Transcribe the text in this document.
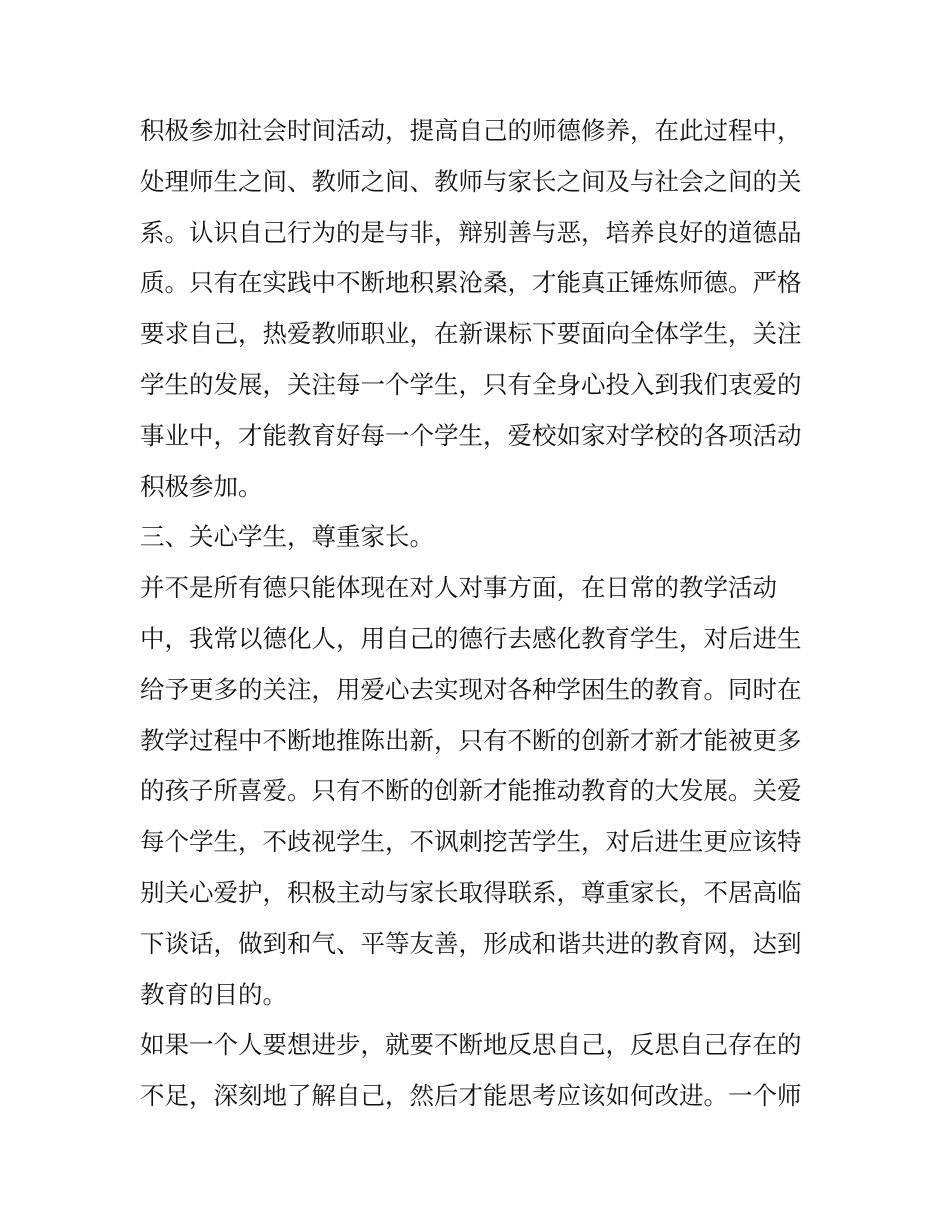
积极参加社会时间活动，提高自己的师德修养，在此过程中，
处理师生之间、教师之间、教师与家长之间及与社会之间的关
系。认识自己行为的是与非，辩别善与恶，培养良好的道德品
质。只有在实践中不断地积累沧桑，才能真正锤炼师德。严格
要求自己，热爱教师职业，在新课标下要面向全体学生，关注
学生的发展，关注每一个学生，只有全身心投入到我们衷爱的
事业中，才能教育好每一个学生，爱校如家对学校的各项活动
积极参加。
三、关心学生，尊重家长。
并不是所有德只能体现在对人对事方面，在日常的教学活动
中，我常以德化人，用自己的德行去感化教育学生，对后进生
给予更多的关注，用爱心去实现对各种学困生的教育。同时在
教学过程中不断地推陈出新，只有不断的创新才新才能被更多
的孩子所喜爱。只有不断的创新才能推动教育的大发展。关爱
每个学生，不歧视学生，不讽刺挖苦学生，对后进生更应该特
别关心爱护，积极主动与家长取得联系，尊重家长，不居高临
下谈话，做到和气、平等友善，形成和谐共进的教育网，达到
教育的目的。
如果一个人要想进步，就要不断地反思自己，反思自己存在的
不足，深刻地了解自己，然后才能思考应该如何改进。一个师
